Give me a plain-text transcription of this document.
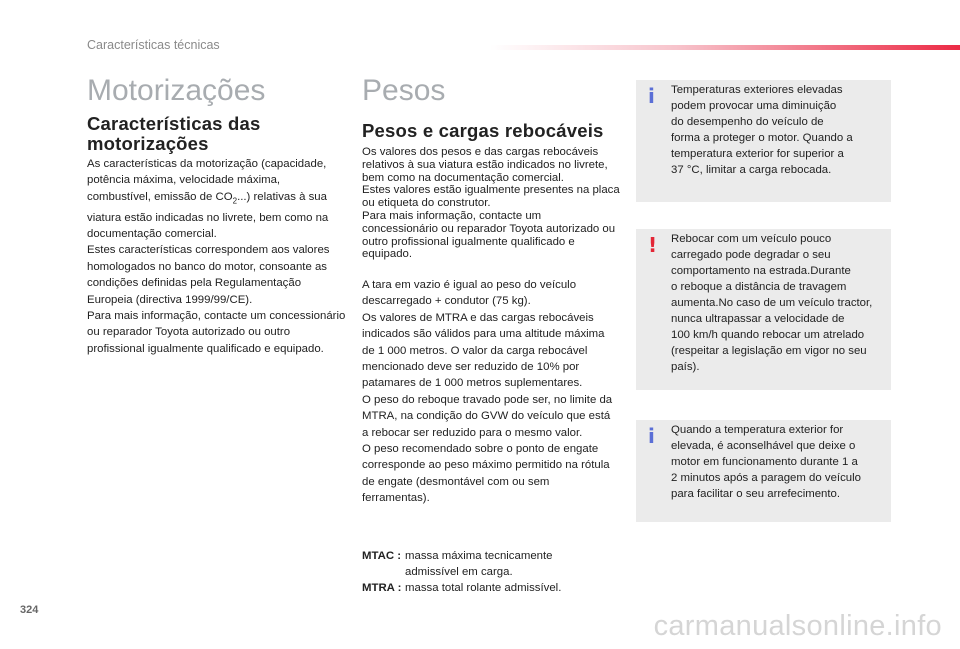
Características técnicas
Motorizações
Características das motorizações

As características da motorização (capacidade, potência máxima, velocidade máxima, combustível, emissão de $CO_2$...) relativas à sua viatura estão indicadas no livrete, bem como na documentação comercial.

Estes características correspondem aos valores homologados no banco do motor, consoante as condições definidas pela Regulamentação Europeia (directiva 1999/99/CE).

Para mais informação, contacte um concessionário ou reparador Toyota autorizado ou outro profissional igualmente qualificado e equipado.

Pesos
Pesos e cargas rebocáveis

Os valores dos pesos e das cargas rebocáveis relativos à sua viatura estão indicados no livrete, bem como na documentação comercial.

Estes valores estão igualmente presentes na placa ou etiqueta do construtor.

Para mais informação, contacte um concessionário ou reparador Toyota autorizado ou outro profissional igualmente qualificado e equipado.

A tara em vazio é igual ao peso do veículo descarregado + condutor (75 kg).

Os valores de MTRA e das cargas rebocáveis indicados são válidos para uma altitude máxima de 1 000 metros. O valor da carga rebocável mencionado deve ser reduzido de 10% por patamares de 1 000 metros suplementares.

O peso do reboque travado pode ser, no limite da MTRA, na condição do GVW do veículo que está a rebocar ser reduzido para o mesmo valor.

O peso recomendado sobre o ponto de engate corresponde ao peso máximo permitido na rótula de engate (desmontável com ou sem ferramentas).

MTAC : massa máxima tecnicamente
admissível em carga.
MTRA : massa total rolante admissível.
i Temperaturas exteriores elevadas
podem provocar uma diminuição
do desempenho do veículo de
forma a proteger o motor. Quando a
temperatura exterior for superior a
37 °C, limitar a carga rebocada.
! Rebocar com um veículo pouco
carregado pode degradar o seu
comportamento na estrada.Durante
o reboque a distância de travagem
aumenta.No caso de um veículo tractor,
nunca ultrapassar a velocidade de
100 km/h quando rebocar um atrelado
(respeitar a legislação em vigor no seu
país).
i Quando a temperatura exterior for
elevada, é aconselhável que deixe o
motor em funcionamento durante 1 a
2 minutos após a paragem do veículo
para facilitar o seu arrefecimento.
324	carmanualsonline.info
